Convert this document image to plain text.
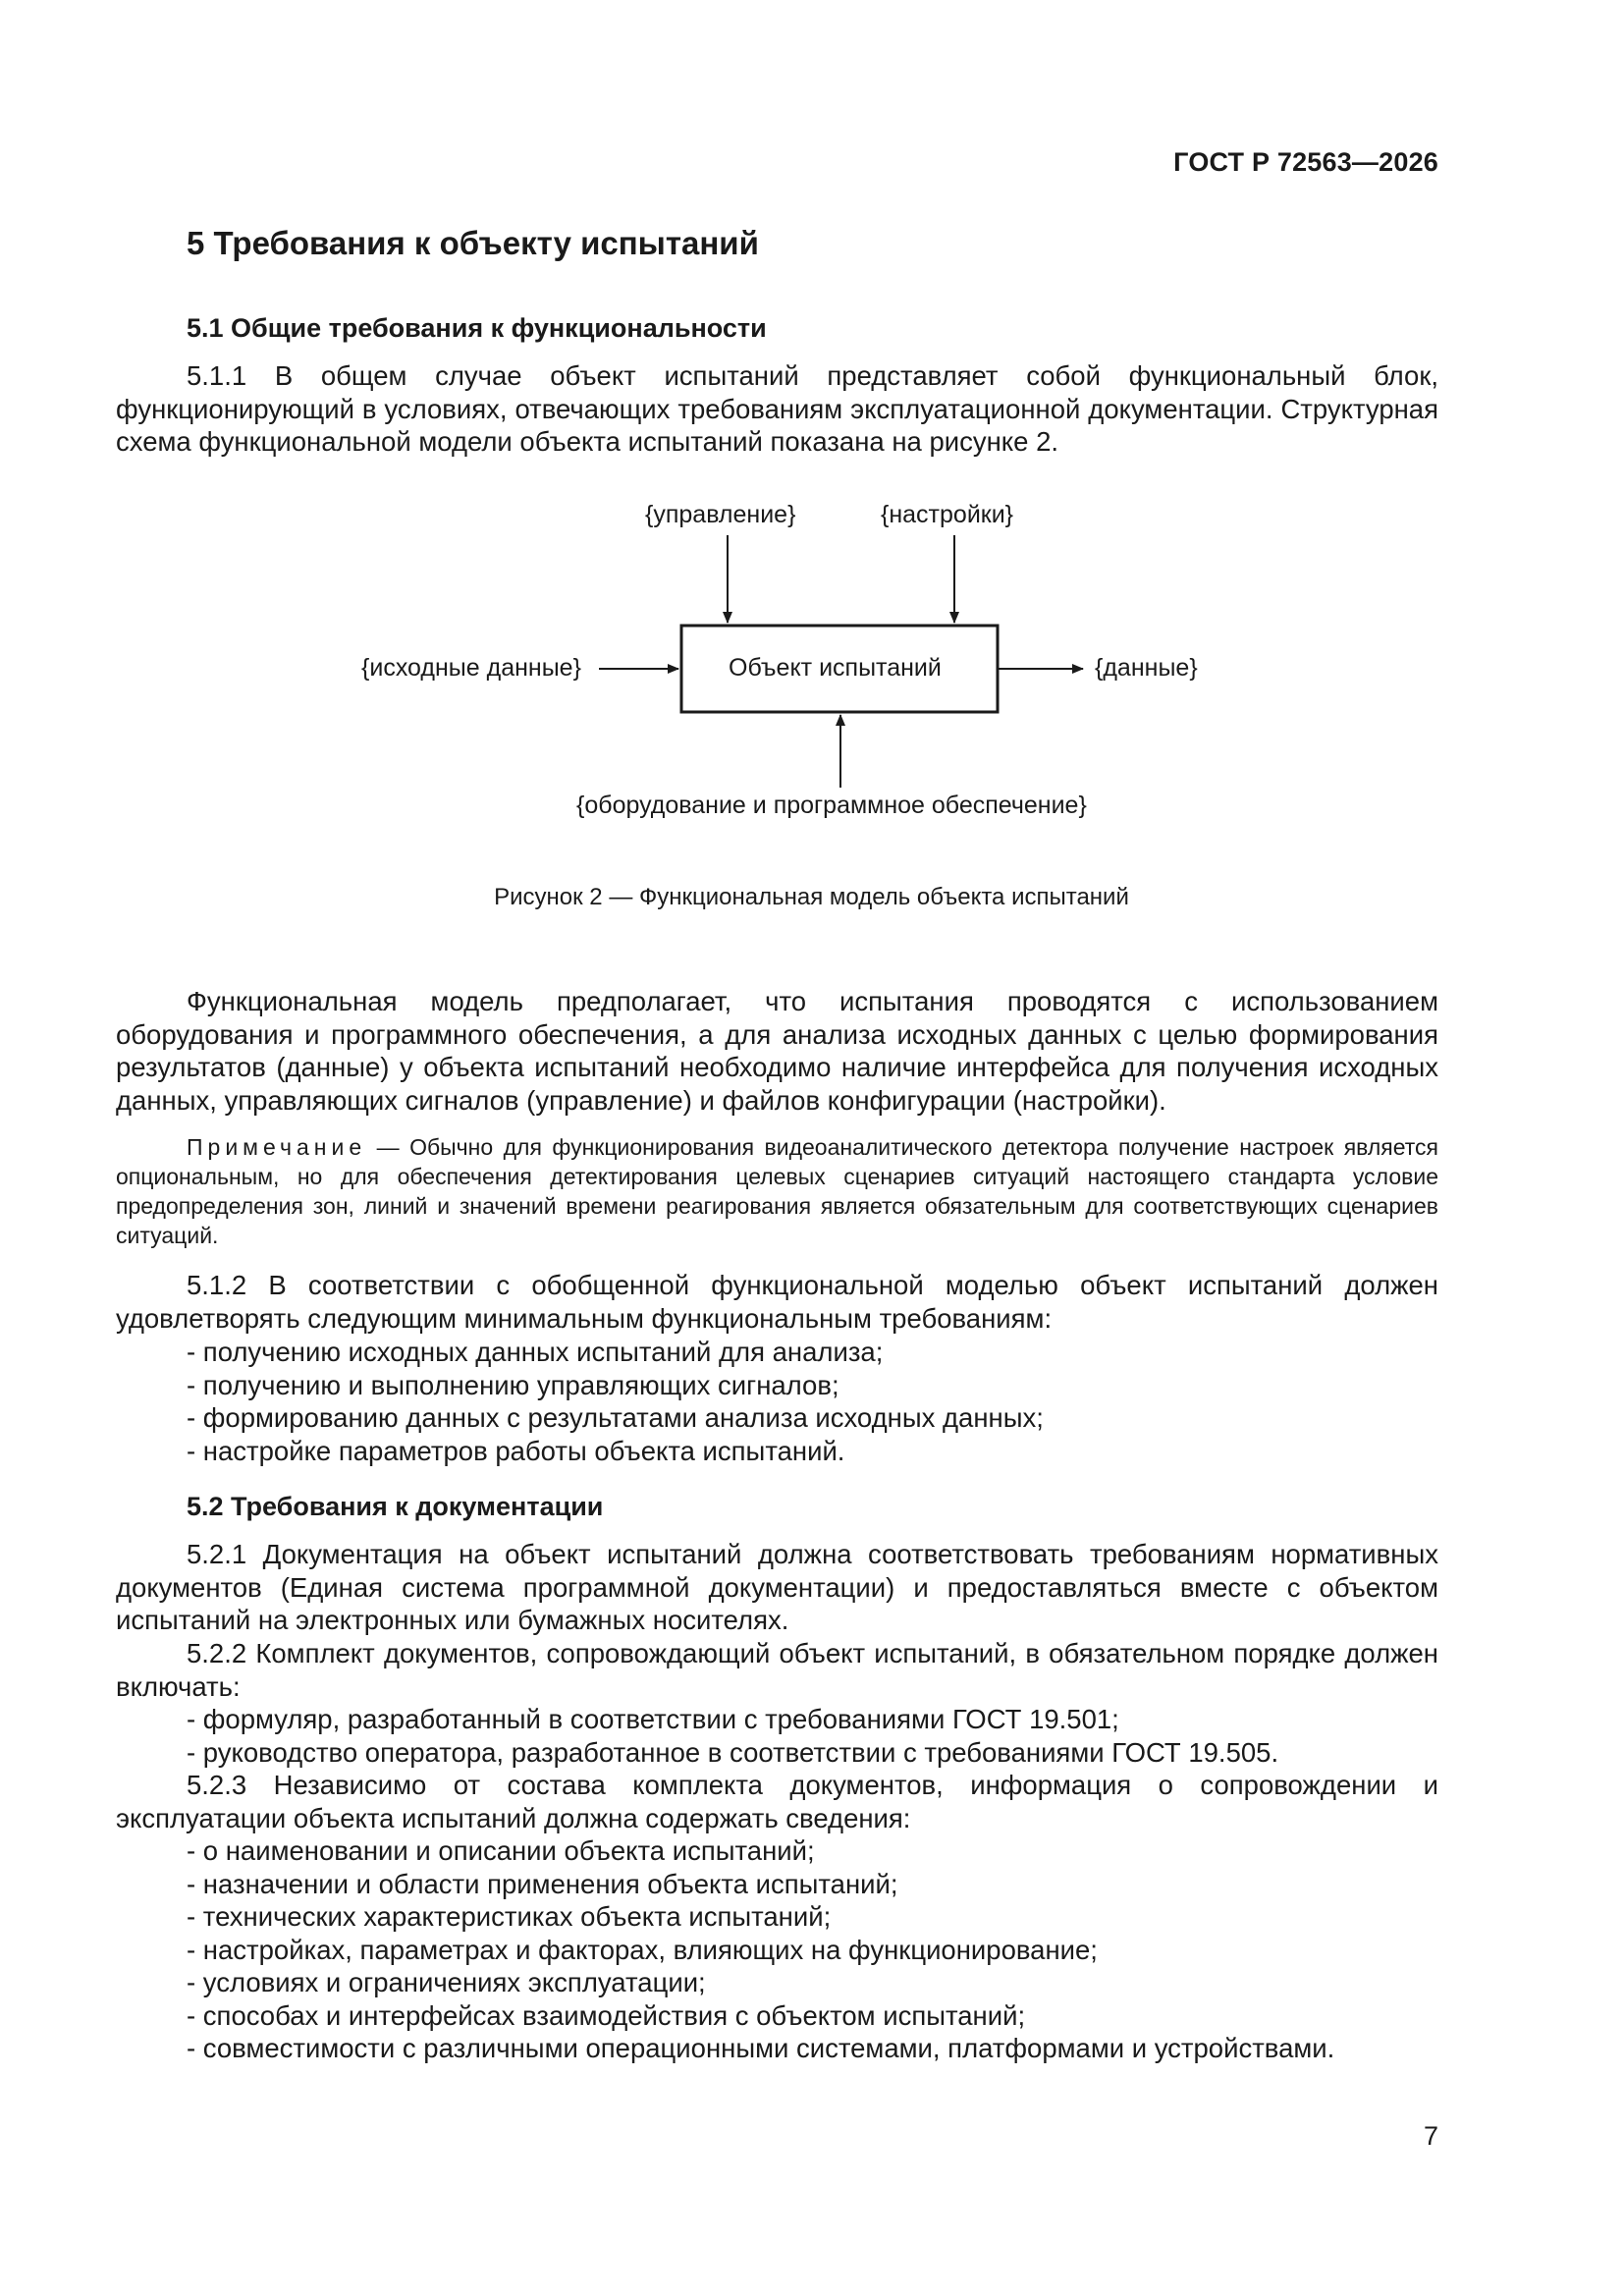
ГОСТ Р 72563—2026
5 Требования к объекту испытаний
5.1 Общие требования к функциональности
5.1.1 В общем случае объект испытаний представляет собой функциональный блок, функционирующий в условиях, отвечающих требованиям эксплуатационной документации. Структурная схема функциональной модели объекта испытаний показана на рисунке 2.
{управление}	{настройки}
{исходные данные}	Объект испытаний	{данные}
{оборудование и программное обеспечение}
Рисунок 2 — Функциональная модель объекта испытаний
Функциональная модель предполагает, что испытания проводятся с использованием оборудования и программного обеспечения, а для анализа исходных данных с целью формирования результатов (данные) у объекта испытаний необходимо наличие интерфейса для получения исходных данных, управляющих сигналов (управление) и файлов конфигурации (настройки).
Примечание — Обычно для функционирования видеоаналитического детектора получение настроек является опциональным, но для обеспечения детектирования целевых сценариев ситуаций настоящего стандарта условие предопределения зон, линий и значений времени реагирования является обязательным для соответствующих сценариев ситуаций.
5.1.2 В соответствии с обобщенной функциональной моделью объект испытаний должен удовлетворять следующим минимальным функциональным требованиям:
- получению исходных данных испытаний для анализа;
- получению и выполнению управляющих сигналов;
- формированию данных с результатами анализа исходных данных;
- настройке параметров работы объекта испытаний.
5.2 Требования к документации
5.2.1 Документация на объект испытаний должна соответствовать требованиям нормативных документов (Единая система программной документации) и предоставляться вместе с объектом испытаний на электронных или бумажных носителях.
5.2.2 Комплект документов, сопровождающий объект испытаний, в обязательном порядке должен включать:
- формуляр, разработанный в соответствии с требованиями ГОСТ 19.501;
- руководство оператора, разработанное в соответствии с требованиями ГОСТ 19.505.
5.2.3 Независимо от состава комплекта документов, информация о сопровождении и эксплуатации объекта испытаний должна содержать сведения:
- о наименовании и описании объекта испытаний;
- назначении и области применения объекта испытаний;
- технических характеристиках объекта испытаний;
- настройках, параметрах и факторах, влияющих на функционирование;
- условиях и ограничениях эксплуатации;
- способах и интерфейсах взаимодействия с объектом испытаний;
- совместимости с различными операционными системами, платформами и устройствами.
7
